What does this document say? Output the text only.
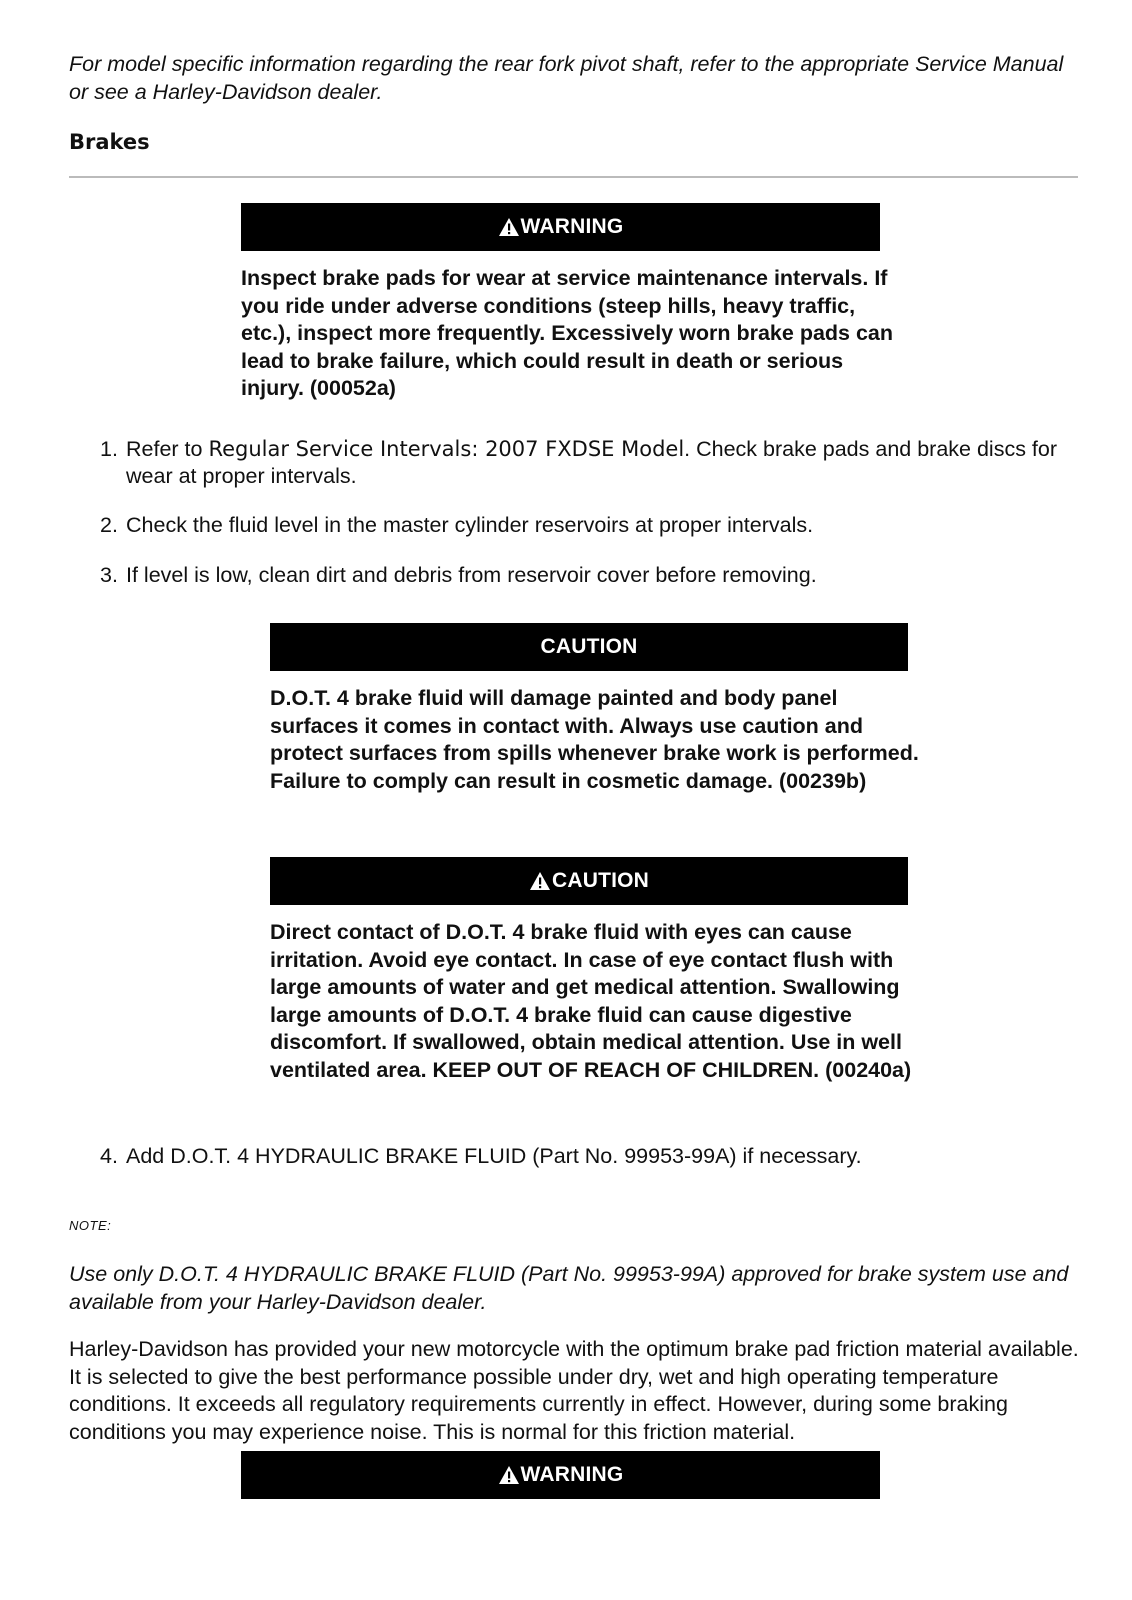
For model specific information regarding the rear fork pivot shaft, refer to the appropriate Service Manual or see a Harley-Davidson dealer.

Brakes
WARNING

Inspect brake pads for wear at service maintenance intervals. If you ride under adverse conditions (steep hills, heavy traffic, etc.), inspect more frequently. Excessively worn brake pads can lead to brake failure, which could result in death or serious injury. (00052a)

1. Refer to Regular Service Intervals: 2007 FXDSE Model. Check brake pads and brake discs for wear at proper intervals.
2. Check the fluid level in the master cylinder reservoirs at proper intervals.
3. If level is low, clean dirt and debris from reservoir cover before removing.
CAUTION

D.O.T. 4 brake fluid will damage painted and body panel surfaces it comes in contact with. Always use caution and protect surfaces from spills whenever brake work is performed. Failure to comply can result in cosmetic damage. (00239b)

CAUTION

Direct contact of D.O.T. 4 brake fluid with eyes can cause irritation. Avoid eye contact. In case of eye contact flush with large amounts of water and get medical attention. Swallowing large amounts of D.O.T. 4 brake fluid can cause digestive discomfort. If swallowed, obtain medical attention. Use in well ventilated area. KEEP OUT OF REACH OF CHILDREN. (00240a)

4. Add D.O.T. 4 HYDRAULIC BRAKE FLUID (Part No. 99953-99A) if necessary.

NOTE:

Use only D.O.T. 4 HYDRAULIC BRAKE FLUID (Part No. 99953-99A) approved for brake system use and available from your Harley-Davidson dealer.

Harley-Davidson has provided your new motorcycle with the optimum brake pad friction material available. It is selected to give the best performance possible under dry, wet and high operating temperature conditions. It exceeds all regulatory requirements currently in effect. However, during some braking conditions you may experience noise. This is normal for this friction material.

WARNING
